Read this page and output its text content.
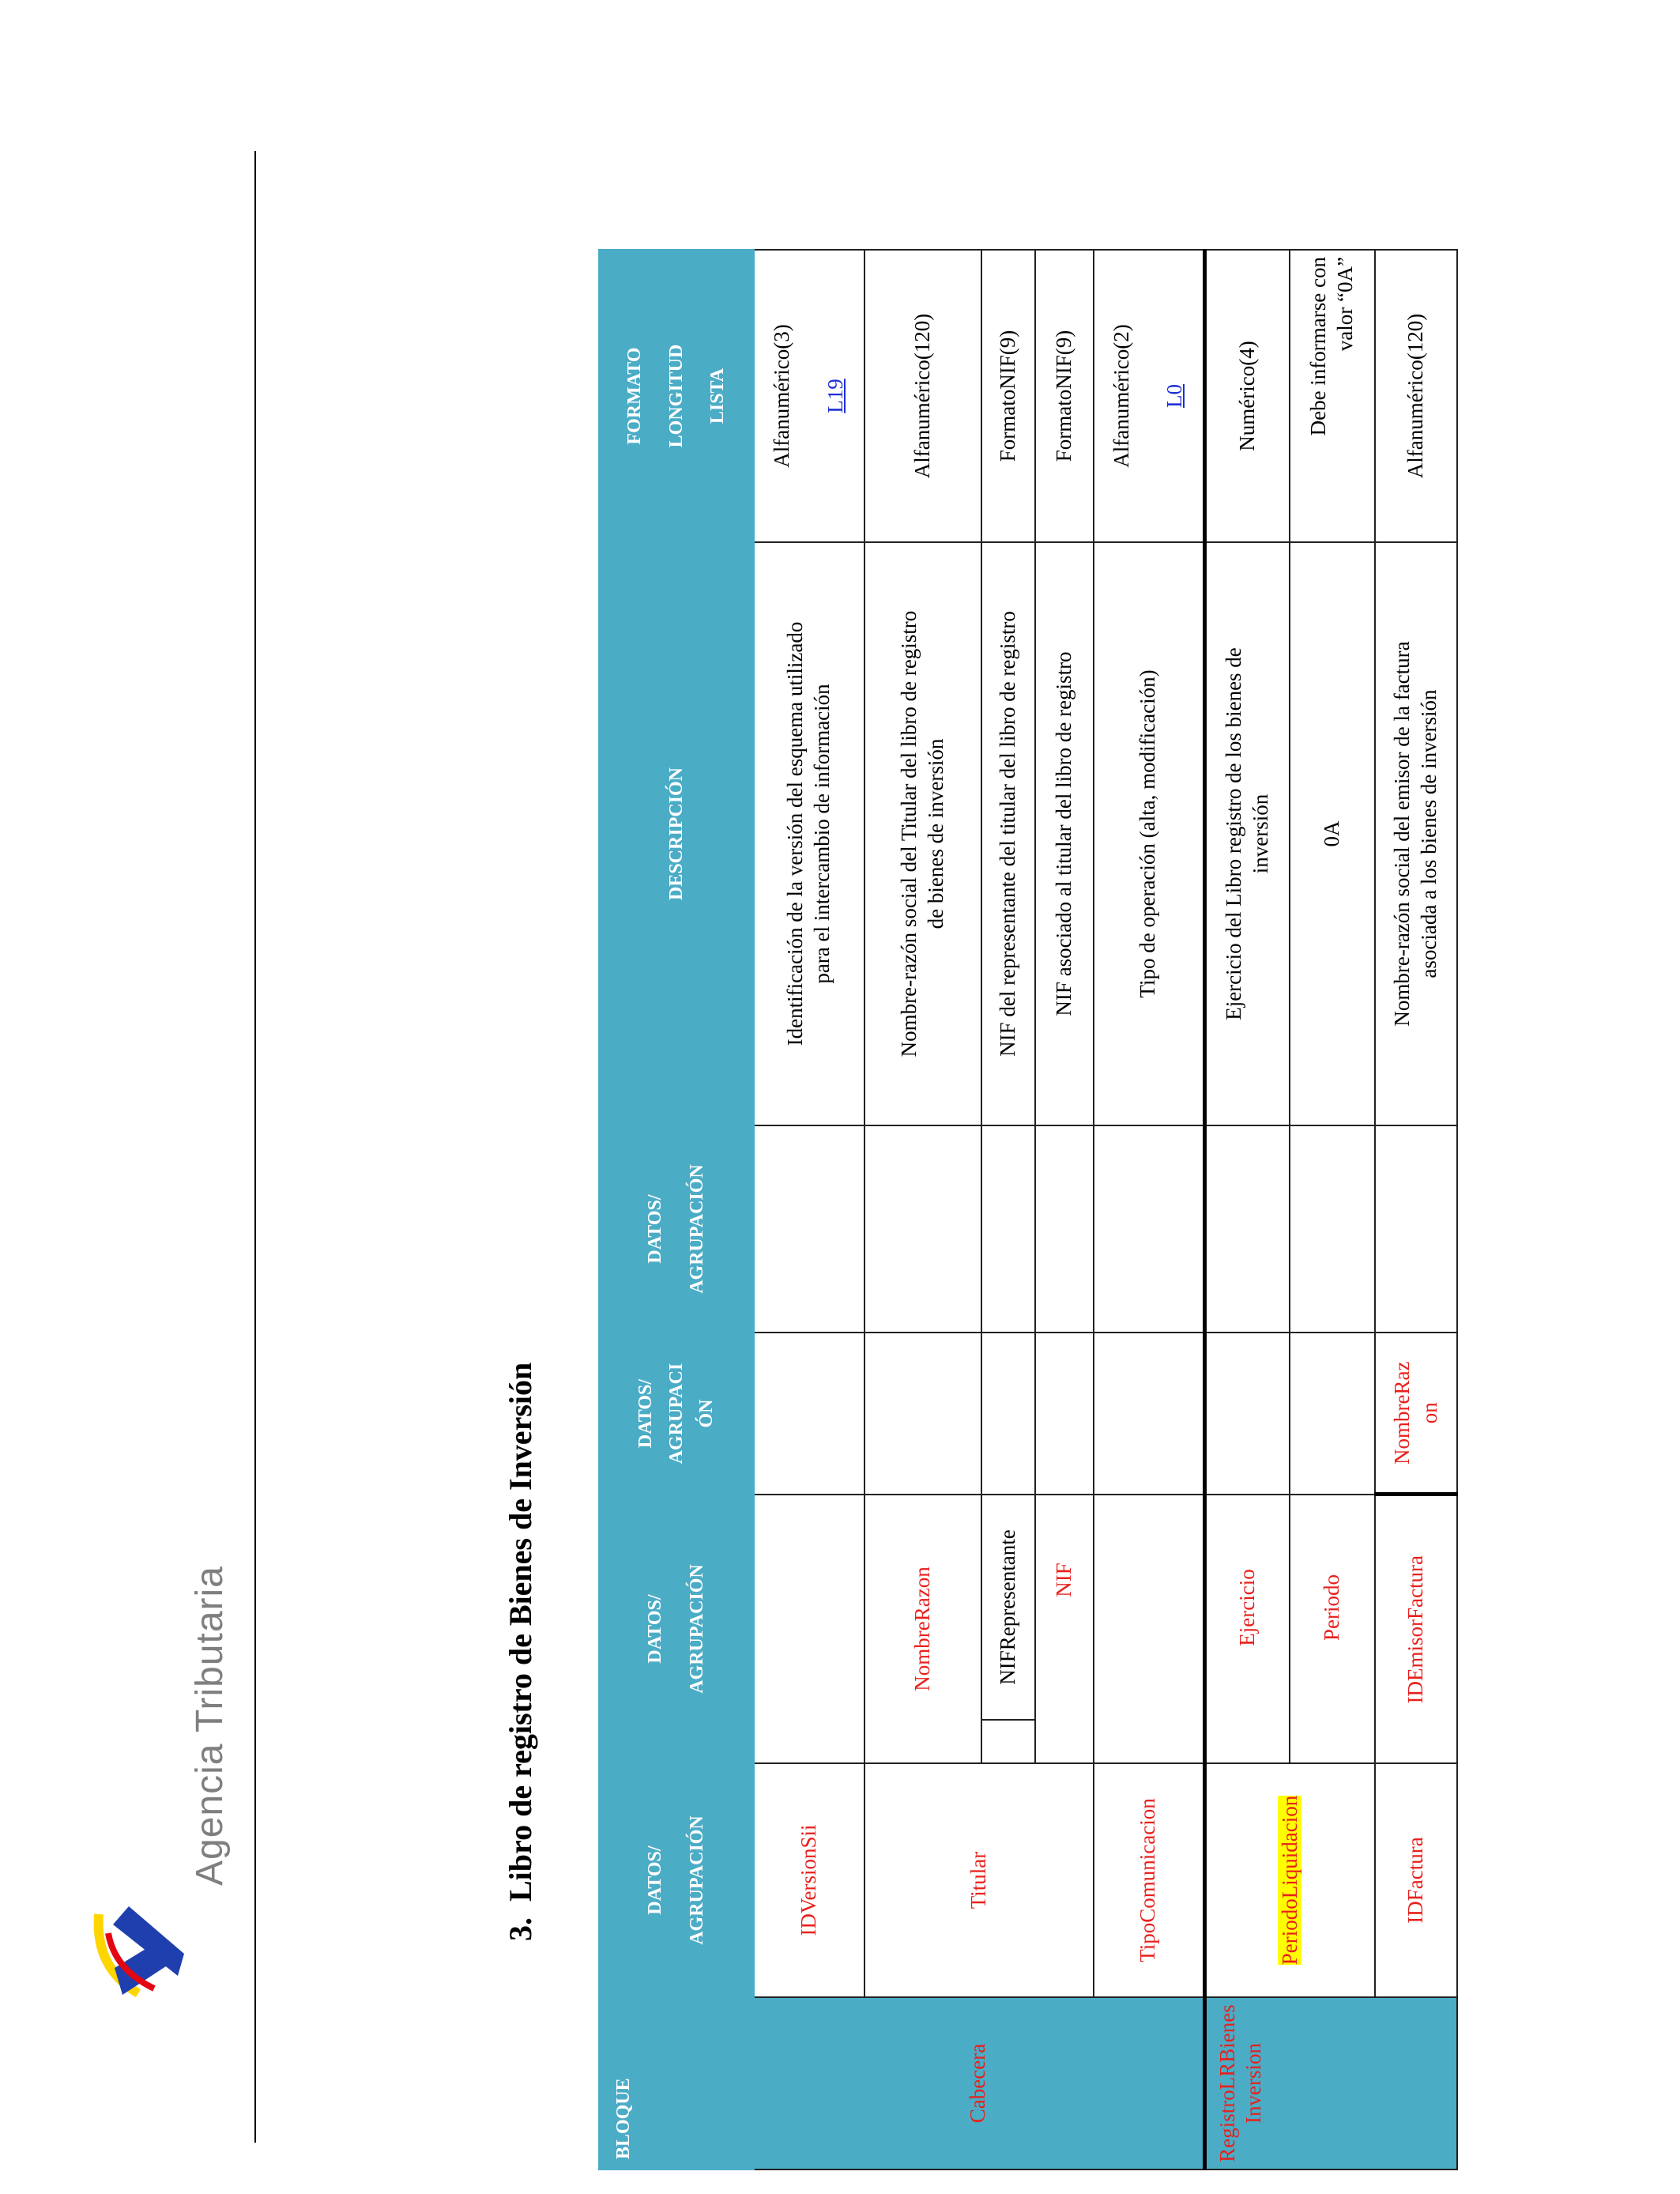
Agencia Tributaria
3.  Libro de registro de Bienes de Inversión
BLOQUE	DATOS/ AGRUPACIÓN	DATOS/ AGRUPACIÓN			DATOS/ AGRUPACI ÓN	DATOS/ AGRUPACIÓN	DESCRIPCIÓN	FORMATO LONGITUD LISTA
Cabecera	IDVersionSii						Identificación de la versión del esquema utilizado para el intercambio de información	Alfanumérico(3) L19
	Titular	NombreRazon					Nombre-razón social del Titular del libro de registro de bienes de inversión	Alfanumérico(120)
			NIFRepresentante				NIF del representante del titular del libro de registro	FormatoNIF(9)
				NIF			NIF asociado al titular del libro de registro	FormatoNIF(9)
	TipoComunicacion						Tipo de operación (alta, modificación)	Alfanumérico(2) L0
RegistroLRBienes Inversion	PeriodoLiquidacion		Ejercicio				Ejercicio del Libro registro de los bienes de inversión	Numérico(4)
			Periodo				0A	Debe informarse con valor “0A”
	IDFactura	IDEmisorFactura			NombreRaz on		Nombre-razón social del emisor de la factura asociada a los bienes de inversión	Alfanumérico(120)
